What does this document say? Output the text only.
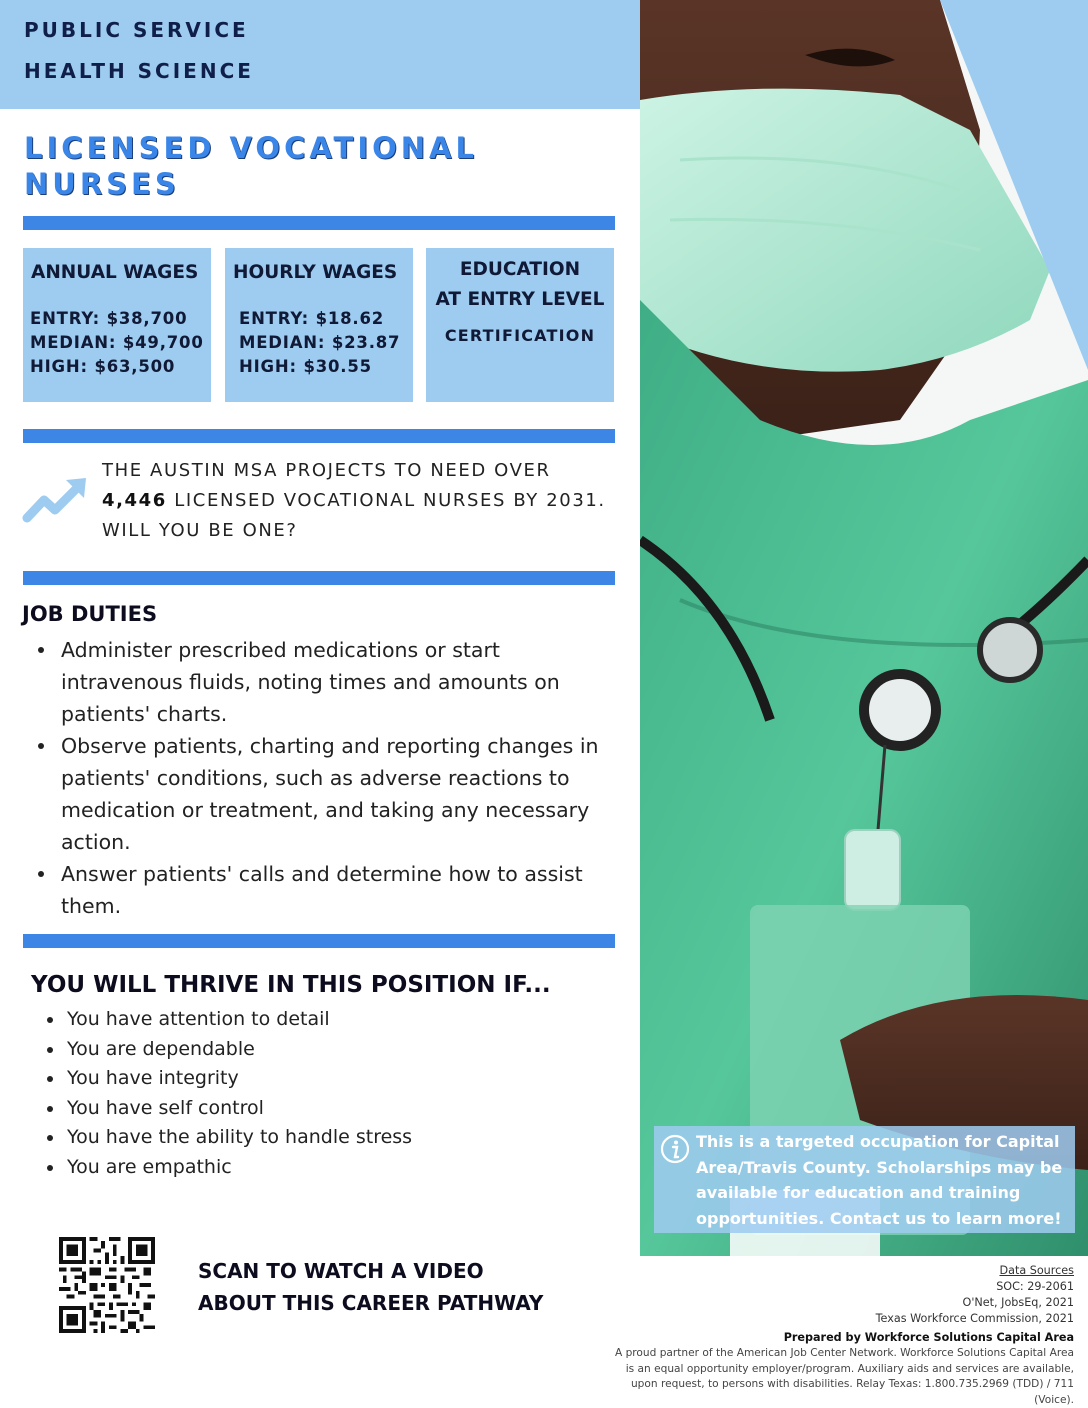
PUBLIC SERVICE
HEALTH SCIENCE
LICENSED VOCATIONAL NURSES
ANNUAL WAGES
ENTRY: $38,700
MEDIAN: $49,700
HIGH: $63,500
HOURLY WAGES
ENTRY: $18.62
MEDIAN: $23.87
HIGH: $30.55
EDUCATION
AT ENTRY LEVEL
CERTIFICATION
THE AUSTIN MSA PROJECTS TO NEED OVER 4,446 LICENSED VOCATIONAL NURSES BY 2031. WILL YOU BE ONE?
JOB DUTIES
Administer prescribed medications or start intravenous fluids, noting times and amounts on patients' charts.
Observe patients, charting and reporting changes in patients' conditions, such as adverse reactions to medication or treatment, and taking any necessary action.
Answer patients' calls and determine how to assist them.
YOU WILL THRIVE IN THIS POSITION IF...
You have attention to detail
You are dependable
You have integrity
You have self control
You have the ability to handle stress
You are empathic
SCAN TO WATCH A VIDEO
ABOUT THIS CAREER PATHWAY
This is a targeted occupation for Capital Area/Travis County. Scholarships may be available for education and training opportunities. Contact us to learn more!
Data Sources
SOC: 29-2061
O'Net, JobsEq, 2021
Texas Workforce Commission, 2021
Prepared by Workforce Solutions Capital Area
A proud partner of the American Job Center Network. Workforce Solutions Capital Area is an equal opportunity employer/program. Auxiliary aids and services are available, upon request, to persons with disabilities. Relay Texas: 1.800.735.2969 (TDD) / 711 (Voice).
